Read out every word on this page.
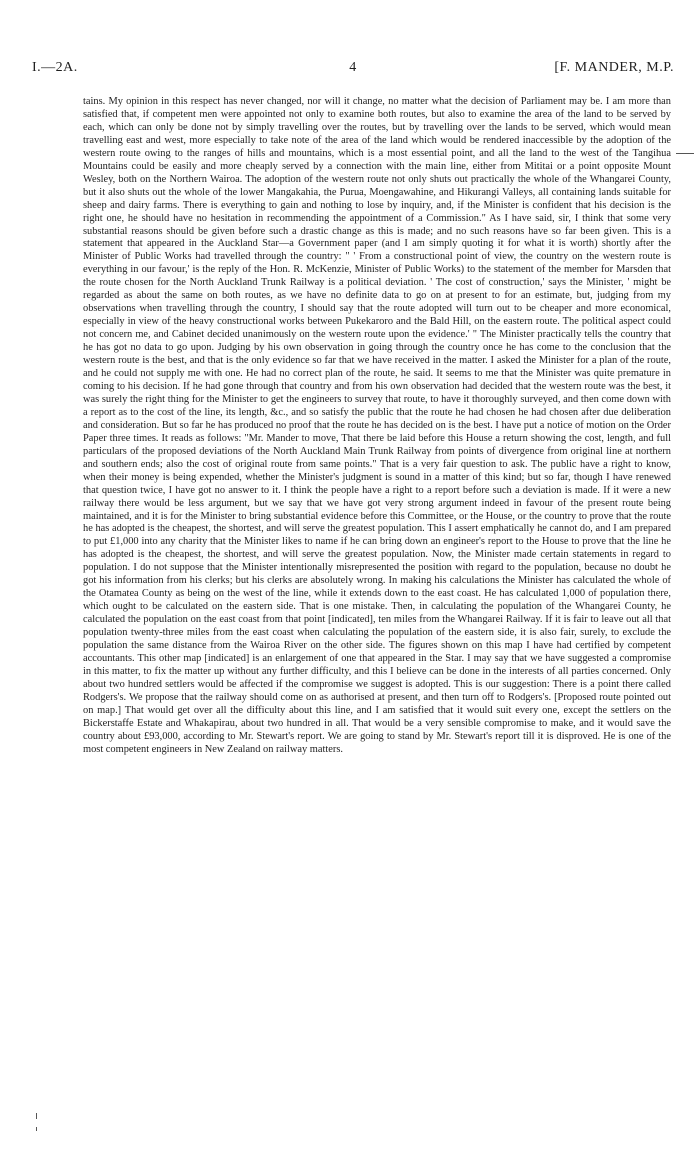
I.—2A.	4	[F. MANDER, M.P.

tains. My opinion in this respect has never changed, nor will it change, no matter what the decision of Parliament may be. I am more than satisfied that, if competent men were appointed not only to examine both routes, but also to examine the area of the land to be served by each, which can only be done not by simply travelling over the routes, but by travelling over the lands to be served, which would mean travelling east and west, more especially to take note of the area of the land which would be rendered inaccessible by the adoption of the western route owing to the ranges of hills and mountains, which is a most essential point, and all the land to the west of the Tangihua Mountains could be easily and more cheaply served by a connection with the main line, either from Mititai or a point opposite Mount Wesley, both on the Northern Wairoa. The adoption of the western route not only shuts out practically the whole of the Whangarei County, but it also shuts out the whole of the lower Mangakahia, the Purua, Moengawahine, and Hikurangi Valleys, all containing lands suitable for sheep and dairy farms. There is everything to gain and nothing to lose by inquiry, and, if the Minister is confident that his decision is the right one, he should have no hesitation in recommending the appointment of a Commission." As I have said, sir, I think that some very substantial reasons should be given before such a drastic change as this is made; and no such reasons have so far been given. This is a statement that appeared in the Auckland Star—a Government paper (and I am simply quoting it for what it is worth) shortly after the Minister of Public Works had travelled through the country: " ' From a constructional point of view, the country on the western route is everything in our favour,' is the reply of the Hon. R. McKenzie, Minister of Public Works) to the statement of the member for Marsden that the route chosen for the North Auckland Trunk Railway is a political deviation. ' The cost of construction,' says the Minister, ' might be regarded as about the same on both routes, as we have no definite data to go on at present to for an estimate, but, judging from my observations when travelling through the country, I should say that the route adopted will turn out to be cheaper and more economical, especially in view of the heavy constructional works between Pukekaroro and the Bald Hill, on the eastern route. The political aspect could not concern me, and Cabinet decided unanimously on the western route upon the evidence.' " The Minister practically tells the country that he has got no data to go upon. Judging by his own observation in going through the country once he has come to the conclusion that the western route is the best, and that is the only evidence so far that we have received in the matter. I asked the Minister for a plan of the route, and he could not supply me with one. He had no correct plan of the route, he said. It seems to me that the Minister was quite premature in coming to his decision. If he had gone through that country and from his own observation had decided that the western route was the best, it was surely the right thing for the Minister to get the engineers to survey that route, to have it thoroughly surveyed, and then come down with a report as to the cost of the line, its length, &c., and so satisfy the public that the route he had chosen he had chosen after due deliberation and consideration. But so far he has produced no proof that the route he has decided on is the best. I have put a notice of motion on the Order Paper three times. It reads as follows: "Mr. Mander to move, That there be laid before this House a return showing the cost, length, and full particulars of the proposed deviations of the North Auckland Main Trunk Railway from points of divergence from original line at northern and southern ends; also the cost of original route from same points." That is a very fair question to ask. The public have a right to know, when their money is being expended, whether the Minister's judgment is sound in a matter of this kind; but so far, though I have renewed that question twice, I have got no answer to it. I think the people have a right to a report before such a deviation is made. If it were a new railway there would be less argument, but we say that we have got very strong argument indeed in favour of the present route being maintained, and it is for the Minister to bring substantial evidence before this Committee, or the House, or the country to prove that the route he has adopted is the cheapest, the shortest, and will serve the greatest population. This I assert emphatically he cannot do, and I am prepared to put £1,000 into any charity that the Minister likes to name if he can bring down an engineer's report to the House to prove that the line he has adopted is the cheapest, the shortest, and will serve the greatest population. Now, the Minister made certain statements in regard to population. I do not suppose that the Minister intentionally misrepresented the position with regard to the population, because no doubt he got his information from his clerks; but his clerks are absolutely wrong. In making his calculations the Minister has calculated the whole of the Otamatea County as being on the west of the line, while it extends down to the east coast. He has calculated 1,000 of population there, which ought to be calculated on the eastern side. That is one mistake. Then, in calculating the population of the Whangarei County, he calculated the population on the east coast from that point [indicated], ten miles from the Whangarei Railway. If it is fair to leave out all that population twenty-three miles from the east coast when calculating the population of the eastern side, it is also fair, surely, to exclude the population the same distance from the Wairoa River on the other side. The figures shown on this map I have had certified by competent accountants. This other map [indicated] is an enlargement of one that appeared in the Star. I may say that we have suggested a compromise in this matter, to fix the matter up without any further difficulty, and this I believe can be done in the interests of all parties concerned. Only about two hundred settlers would be affected if the compromise we suggest is adopted. This is our suggestion: There is a point there called Rodgers's. We propose that the railway should come on as authorised at present, and then turn off to Rodgers's. [Proposed route pointed out on map.] That would get over all the difficulty about this line, and I am satisfied that it would suit every one, except the settlers on the Bickerstaffe Estate and Whakapirau, about two hundred in all. That would be a very sensible compromise to make, and it would save the country about £93,000, according to Mr. Stewart's report. We are going to stand by Mr. Stewart's report till it is disproved. He is one of the most competent engineers in New Zealand on railway matters.
